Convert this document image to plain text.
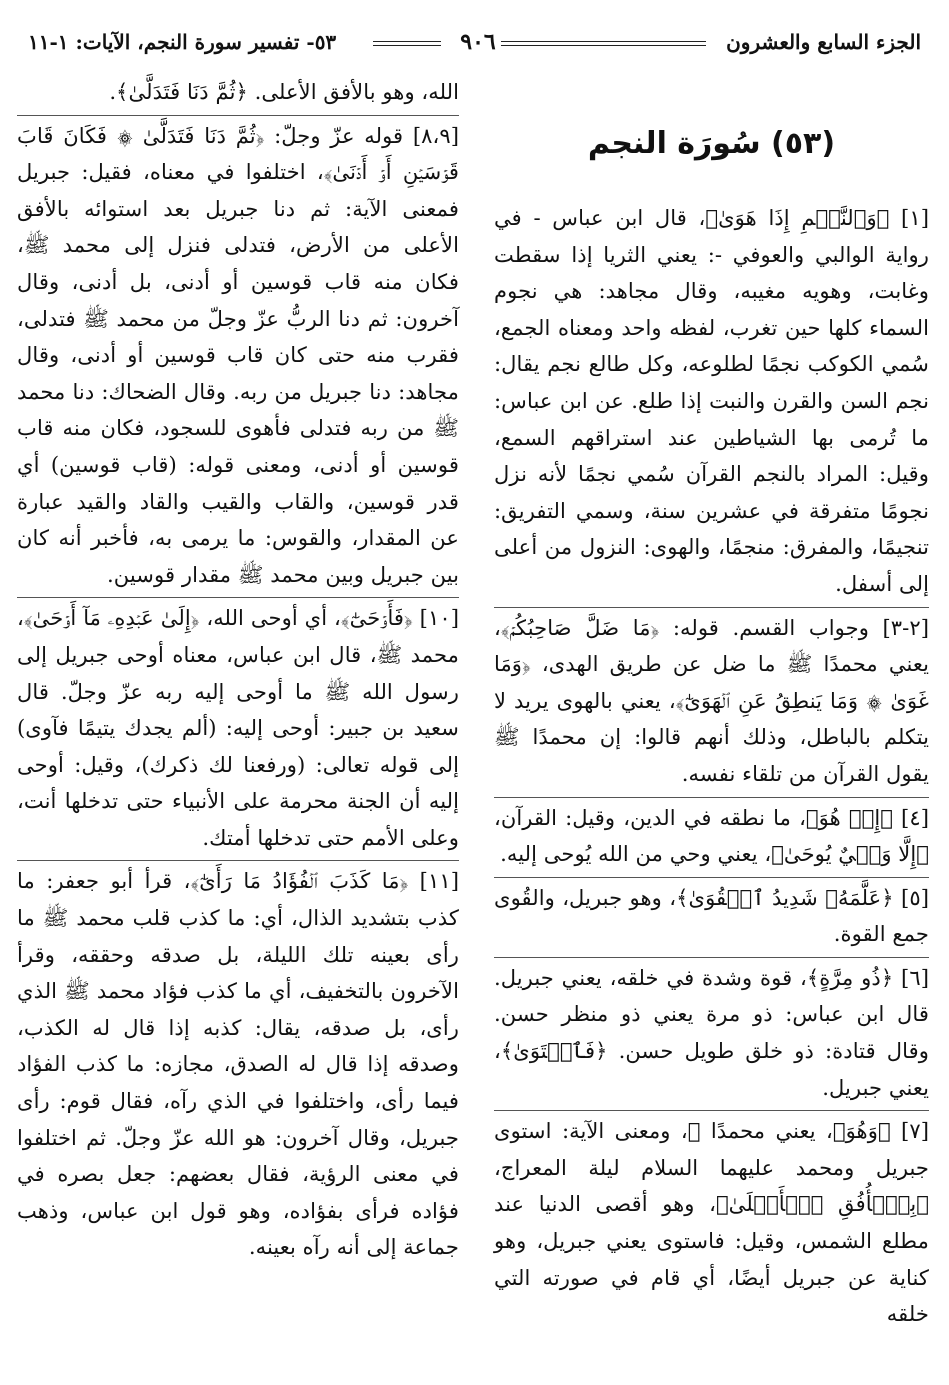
الجزء السابع والعشرون
٩٠٦
٥٣- تفسير سورة النجم، الآيات: ١-١١
(٥٣) سُورَة النجم

[١] ﴿وَٱلنَّجۡمِ إِذَا هَوَىٰ﴾، قال ابن عباس - في رواية الوالبي والعوفي -: يعني الثريا إذا سقطت وغابت، وهويه مغيبه، وقال مجاهد: هي نجوم السماء كلها حين تغرب، لفظه واحد ومعناه الجمع، سُمي الكوكب نجمًا لطلوعه، وكل طالع نجم يقال: نجم السن والقرن والنبت إذا طلع. عن ابن عباس: ما تُرمى بها الشياطين عند استراقهم السمع، وقيل: المراد بالنجم القرآن سُمي نجمًا لأنه نزل نجومًا متفرقة في عشرين سنة، وسمي التفريق: تنجيمًا، والمفرق: منجمًا، والهوى: النزول من أعلى إلى أسفل.

[٢-٣] وجواب القسم. قوله: ﴿مَا ضَلَّ صَاحِبُكُمۡ﴾، يعني محمدًا ﷺ ما ضل عن طريق الهدى، ﴿وَمَا غَوَىٰ ۞ وَمَا يَنطِقُ عَنِ ٱلۡهَوَىٰٓ﴾، يعني بالهوى يريد لا يتكلم بالباطل، وذلك أنهم قالوا: إن محمدًا ﷺ يقول القرآن من تلقاء نفسه.

[٤] ﴿إِنۡ هُوَ﴾، ما نطقه في الدين، وقيل: القرآن، ﴿إِلَّا وَحۡيٌ يُوحَىٰ﴾، يعني وحي من الله يُوحى إليه.

[٥] ﴿عَلَّمَهُۥ شَدِيدُ ٱلۡقُوَىٰ﴾، وهو جبريل، والقُوى جمع القوة.

[٦] ﴿ذُو مِرَّةٍ﴾، قوة وشدة في خلقه، يعني جبريل. قال ابن عباس: ذو مرة يعني ذو منظر حسن. وقال قتادة: ذو خلق طويل حسن. ﴿فَٱسۡتَوَىٰ﴾، يعني جبريل.

[٧] ﴿وَهُوَ﴾، يعني محمدًا ﷺ، ومعنى الآية: استوى جبريل ومحمد عليهما السلام ليلة المعراج، ﴿بِٱلۡأُفُقِ ٱلۡأَعۡلَىٰ﴾، وهو أقصى الدنيا عند مطلع الشمس، وقيل: فاستوى يعني جبريل، وهو كناية عن جبريل أيضًا، أي قام في صورته التي خلقه

الله، وهو بالأفق الأعلى. ﴿ثُمَّ دَنَا فَتَدَلَّىٰ﴾.

[٨،٩] قوله عزّ وجلّ: ﴿ثُمَّ دَنَا فَتَدَلَّىٰ ۞ فَكَانَ قَابَ قَوۡسَيۡنِ أَوۡ أَدۡنَىٰ﴾، اختلفوا في معناه، فقيل: جبريل فمعنى الآية: ثم دنا جبريل بعد استوائه بالأفق الأعلى من الأرض، فتدلى فنزل إلى محمد ﷺ، فكان منه قاب قوسين أو أدنى، بل أدنى، وقال آخرون: ثم دنا الربُّ عزّ وجلّ من محمد ﷺ فتدلى، فقرب منه حتى كان قاب قوسين أو أدنى، وقال مجاهد: دنا جبريل من ربه. وقال الضحاك: دنا محمد ﷺ من ربه فتدلى فأهوى للسجود، فكان منه قاب قوسين أو أدنى، ومعنى قوله: (قاب قوسين) أي قدر قوسين، والقاب والقيب والقاد والقيد عبارة عن المقدار، والقوس: ما يرمى به، فأخبر أنه كان بين جبريل وبين محمد ﷺ مقدار قوسين.

[١٠] ﴿فَأَوۡحَىٰٓ﴾، أي أوحى الله، ﴿إِلَىٰ عَبۡدِهِۦ مَآ أَوۡحَىٰ﴾، محمد ﷺ، قال ابن عباس، معناه أوحى جبريل إلى رسول الله ﷺ ما أوحى إليه ربه عزّ وجلّ. قال سعيد بن جبير: أوحى إليه: (ألم يجدك يتيمًا فآوى) إلى قوله تعالى: (ورفعنا لك ذكرك)، وقيل: أوحى إليه أن الجنة محرمة على الأنبياء حتى تدخلها أنت، وعلى الأمم حتى تدخلها أمتك.

[١١] ﴿مَا كَذَبَ ٱلۡفُؤَادُ مَا رَأَىٰٓ﴾، قرأ أبو جعفر: ما كذب بتشديد الذال، أي: ما كذب قلب محمد ﷺ ما رأى بعينه تلك الليلة، بل صدقه وحققه، وقرأ الآخرون بالتخفيف، أي ما كذب فؤاد محمد ﷺ الذي رأى، بل صدقه، يقال: كذبه إذا قال له الكذب، وصدقه إذا قال له الصدق، مجازه: ما كذب الفؤاد فيما رأى، واختلفوا في الذي رآه، فقال قوم: رأى جبريل، وقال آخرون: هو الله عزّ وجلّ. ثم اختلفوا في معنى الرؤية، فقال بعضهم: جعل بصره في فؤاده فرأى بفؤاده، وهو قول ابن عباس، وذهب جماعة إلى أنه رآه بعينه.
